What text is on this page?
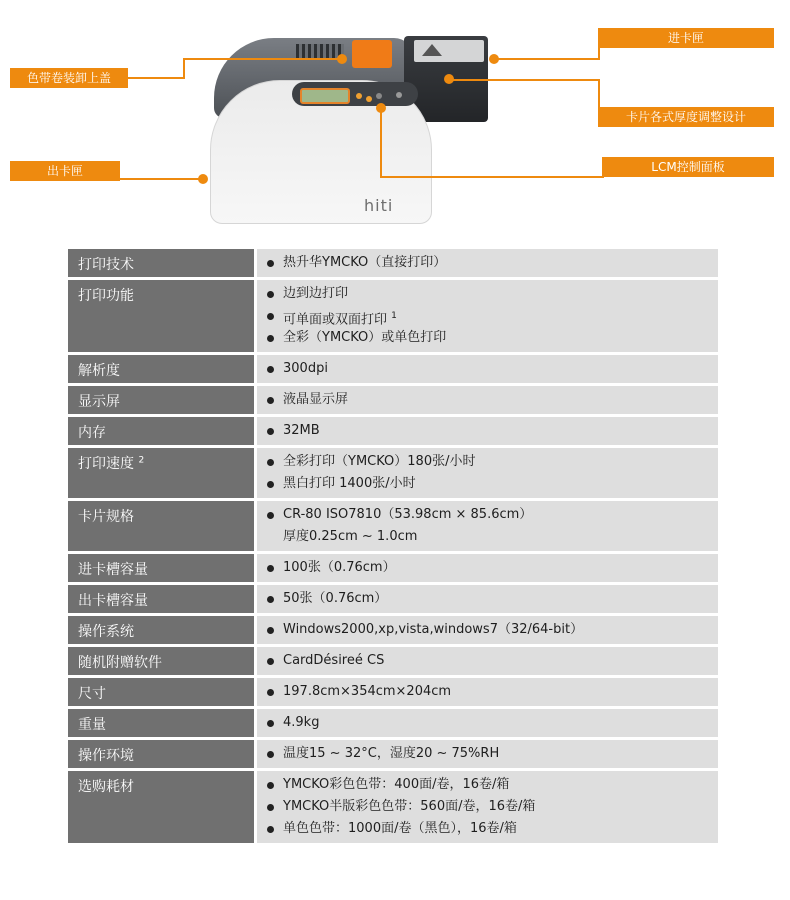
hiti
色带卷装卸上盖
出卡匣
进卡匣
卡片各式厚度调整设计
LCM控制面板
打印技术	热升华YMCKO（直接打印）

打印功能	边到边打印
可单面或双面打印 $^1$
全彩（YMCKO）或单色打印

解析度	300dpi

显示屏	液晶显示屏

内存	32MB

打印速度 $^2$	全彩打印（YMCKO）180张/小时
黑白打印 1400张/小时

卡片规格	CR-80 ISO7810（53.98cm × 85.6cm）
厚度0.25cm ~ 1.0cm

进卡槽容量	100张（0.76cm）

出卡槽容量	50张（0.76cm）

操作系统	Windows2000,xp,vista,windows7（32/64-bit）

随机附赠软件	CardDésireé CS

尺寸	197.8cm×354cm×204cm

重量	4.9kg

操作环境	温度15 ~ 32°C，湿度20 ~ 75%RH

选购耗材	YMCKO彩色色带：400面/卷，16卷/箱
YMCKO半版彩色色带：560面/卷，16卷/箱
单色色带：1000面/卷（黑色），16卷/箱
